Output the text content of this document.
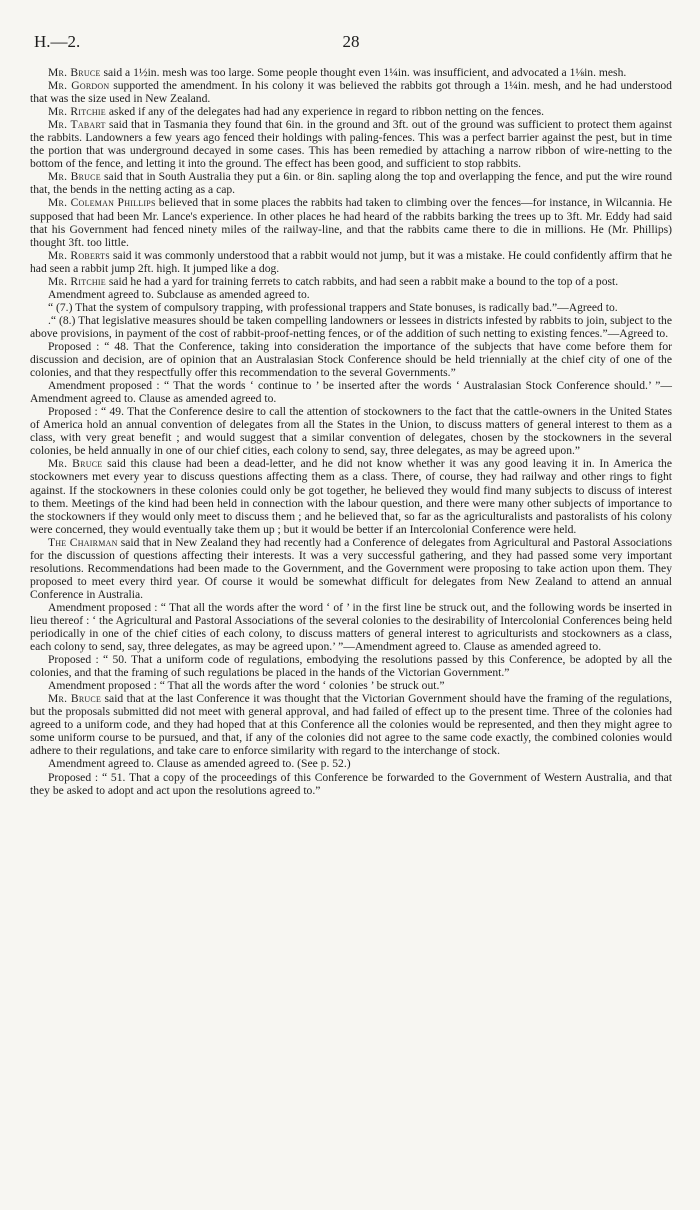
H.—2.	28

Mr. Bruce said a 1½in. mesh was too large. Some people thought even 1¼in. was insufficient, and advocated a 1⅛in. mesh.

Mr. Gordon supported the amendment. In his colony it was believed the rabbits got through a 1¼in. mesh, and he had understood that was the size used in New Zealand.

Mr. Ritchie asked if any of the delegates had had any experience in regard to ribbon netting on the fences.

Mr. Tabart said that in Tasmania they found that 6in. in the ground and 3ft. out of the ground was sufficient to protect them against the rabbits. Landowners a few years ago fenced their holdings with paling-fences. This was a perfect barrier against the pest, but in time the portion that was underground decayed in some cases. This has been remedied by attaching a narrow ribbon of wire-netting to the bottom of the fence, and letting it into the ground. The effect has been good, and sufficient to stop rabbits.

Mr. Bruce said that in South Australia they put a 6in. or 8in. sapling along the top and overlapping the fence, and put the wire round that, the bends in the netting acting as a cap.

Mr. Coleman Phillips believed that in some places the rabbits had taken to climbing over the fences—for instance, in Wilcannia. He supposed that had been Mr. Lance's experience. In other places he had heard of the rabbits barking the trees up to 3ft. Mr. Eddy had said that his Government had fenced ninety miles of the railway-line, and that the rabbits came there to die in millions. He (Mr. Phillips) thought 3ft. too little.

Mr. Roberts said it was commonly understood that a rabbit would not jump, but it was a mistake. He could confidently affirm that he had seen a rabbit jump 2ft. high. It jumped like a dog.

Mr. Ritchie said he had a yard for training ferrets to catch rabbits, and had seen a rabbit make a bound to the top of a post.

Amendment agreed to. Subclause as amended agreed to.

“ (7.) That the system of compulsory trapping, with professional trappers and State bonuses, is radically bad.”—Agreed to.

.“ (8.) That legislative measures should be taken compelling landowners or lessees in districts infested by rabbits to join, subject to the above provisions, in payment of the cost of rabbit-proof-netting fences, or of the addition of such netting to existing fences.”—Agreed to.

Proposed : “ 48. That the Conference, taking into consideration the importance of the subjects that have come before them for discussion and decision, are of opinion that an Australasian Stock Conference should be held triennially at the chief city of one of the colonies, and that they respectfully offer this recommendation to the several Governments.”

Amendment proposed : “ That the words ‘ continue to ’ be inserted after the words ‘ Australasian Stock Conference should.’ ”—Amendment agreed to. Clause as amended agreed to.

Proposed : “ 49. That the Conference desire to call the attention of stockowners to the fact that the cattle-owners in the United States of America hold an annual convention of delegates from all the States in the Union, to discuss matters of general interest to them as a class, with very great benefit ; and would suggest that a similar convention of delegates, chosen by the stockowners in the several colonies, be held annually in one of our chief cities, each colony to send, say, three delegates, as may be agreed upon.”

Mr. Bruce said this clause had been a dead-letter, and he did not know whether it was any good leaving it in. In America the stockowners met every year to discuss questions affecting them as a class. There, of course, they had railway and other rings to fight against. If the stockowners in these colonies could only be got together, he believed they would find many subjects to discuss of interest to them. Meetings of the kind had been held in connection with the labour question, and there were many other subjects of importance to the stockowners if they would only meet to discuss them ; and he believed that, so far as the agriculturalists and pastoralists of his colony were concerned, they would eventually take them up ; but it would be better if an Intercolonial Conference were held.

The Chairman said that in New Zealand they had recently had a Conference of delegates from Agricultural and Pastoral Associations for the discussion of questions affecting their interests. It was a very successful gathering, and they had passed some very important resolutions. Recommendations had been made to the Government, and the Government were proposing to take action upon them. They proposed to meet every third year. Of course it would be somewhat difficult for delegates from New Zealand to attend an annual Conference in Australia.

Amendment proposed : “ That all the words after the word ‘ of ’ in the first line be struck out, and the following words be inserted in lieu thereof : ‘ the Agricultural and Pastoral Associations of the several colonies to the desirability of Intercolonial Conferences being held periodically in one of the chief cities of each colony, to discuss matters of general interest to agriculturists and stockowners as a class, each colony to send, say, three delegates, as may be agreed upon.’ ”—Amendment agreed to. Clause as amended agreed to.

Proposed : “ 50. That a uniform code of regulations, embodying the resolutions passed by this Conference, be adopted by all the colonies, and that the framing of such regulations be placed in the hands of the Victorian Government.”

Amendment proposed : “ That all the words after the word ‘ colonies ’ be struck out.”

Mr. Bruce said that at the last Conference it was thought that the Victorian Government should have the framing of the regulations, but the proposals submitted did not meet with general approval, and had failed of effect up to the present time. Three of the colonies had agreed to a uniform code, and they had hoped that at this Conference all the colonies would be represented, and then they might agree to some uniform course to be pursued, and that, if any of the colonies did not agree to the same code exactly, the combined colonies would adhere to their regulations, and take care to enforce similarity with regard to the interchange of stock.

Amendment agreed to. Clause as amended agreed to. (See p. 52.)

Proposed : “ 51. That a copy of the proceedings of this Conference be forwarded to the Government of Western Australia, and that they be asked to adopt and act upon the resolutions agreed to.”
